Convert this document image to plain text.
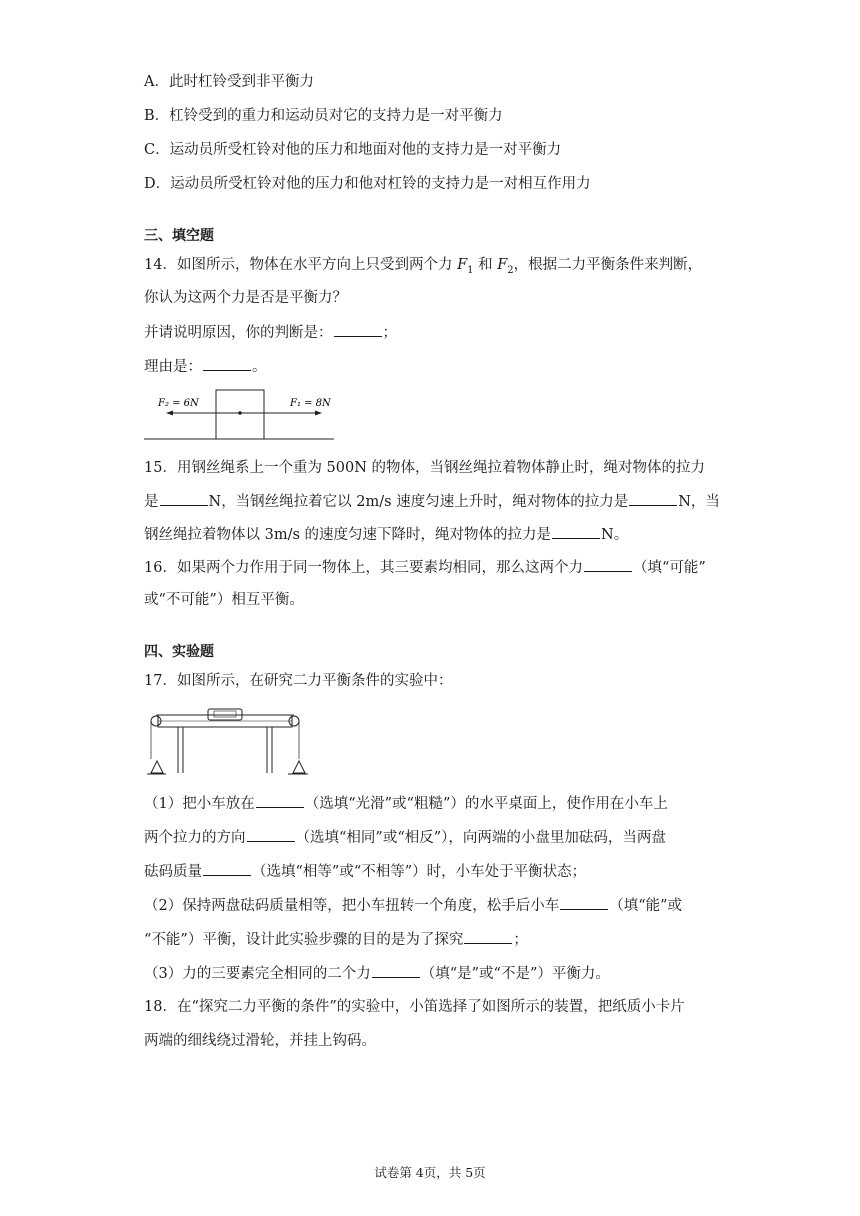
A．此时杠铃受到非平衡力
B．杠铃受到的重力和运动员对它的支持力是一对平衡力
C．运动员所受杠铃对他的压力和地面对他的支持力是一对平衡力
D．运动员所受杠铃对他的压力和他对杠铃的支持力是一对相互作用力
三、填空题
14．如图所示，物体在水平方向上只受到两个力 $F_1$ 和 $F_2$，根据二力平衡条件来判断，
你认为这两个力是否是平衡力？
并请说明原因，你的判断是：	；
理由是：	。
F₂ = 6N	F₁ = 8N
15．用钢丝绳系上一个重为 500N 的物体，当钢丝绳拉着物体静止时，绳对物体的拉力
是	N，当钢丝绳拉着它以 2m/s 速度匀速上升时，绳对物体的拉力是	N，当
钢丝绳拉着物体以 3m/s 的速度匀速下降时，绳对物体的拉力是	N。
16．如果两个力作用于同一物体上，其三要素均相同，那么这两个力	（填“可能”
或“不可能”）相互平衡。
四、实验题
17．如图所示，在研究二力平衡条件的实验中：
（1）把小车放在	（选填“光滑”或“粗糙”）的水平桌面上，使作用在小车上
两个拉力的方向	（选填“相同”或“相反”），向两端的小盘里加砝码，当两盘
砝码质量	（选填“相等”或“不相等”）时，小车处于平衡状态；
（2）保持两盘砝码质量相等，把小车扭转一个角度，松手后小车	（填“能”或
“不能”）平衡，设计此实验步骤的目的是为了探究	；
（3）力的三要素完全相同的二个力	（填“是”或“不是”）平衡力。
18．在“探究二力平衡的条件”的实验中，小笛选择了如图所示的装置，把纸质小卡片
两端的细线绕过滑轮，并挂上钩码。
试卷第 4页，共 5页
